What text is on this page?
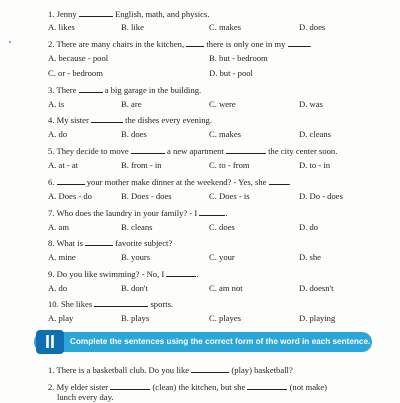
1. Jenny	English, math, and physics.
A. likes	B. like	C. makes	D. does
2. There are many chairs in the kitchen,  there is only one in my	.
A. because - pool	B. but - bedroom
C. or - bedroom	D. but - pool
3. There	a big garage in the building.
A. is	B. are	C. were	D. was
4. My sister	the dishes every evening.
A. do	B. does	C. makes	D. cleans
5. They decide to move	a new apartment	the city center soon.
A. at - at	B. from - in	C. to - from	D. to - in
6.	your mother make dinner at the weekend? - Yes, she .
A. Does - do	B. Does - does	C. Does - is	D. Do - does
7. Who does the laundry in your family? - I	.
A. am	B. cleans	C. does	D. do
8. What is	favorite subject?
A. mine	B. yours	C. your	D. she
9. Do you like swimming? - No, I	.
A. do	B. don't	C. am not	D. doesn't
10. She likes	sports.
A. play	B. plays	C. playes	D. playing
II	Complete the sentences using the correct form of the word in each sentence.
1. There is a basketball club. Do you like	(play) basketball?
2. My elder sister	(clean) the kitchen, but she	(not make)
lunch every day.
